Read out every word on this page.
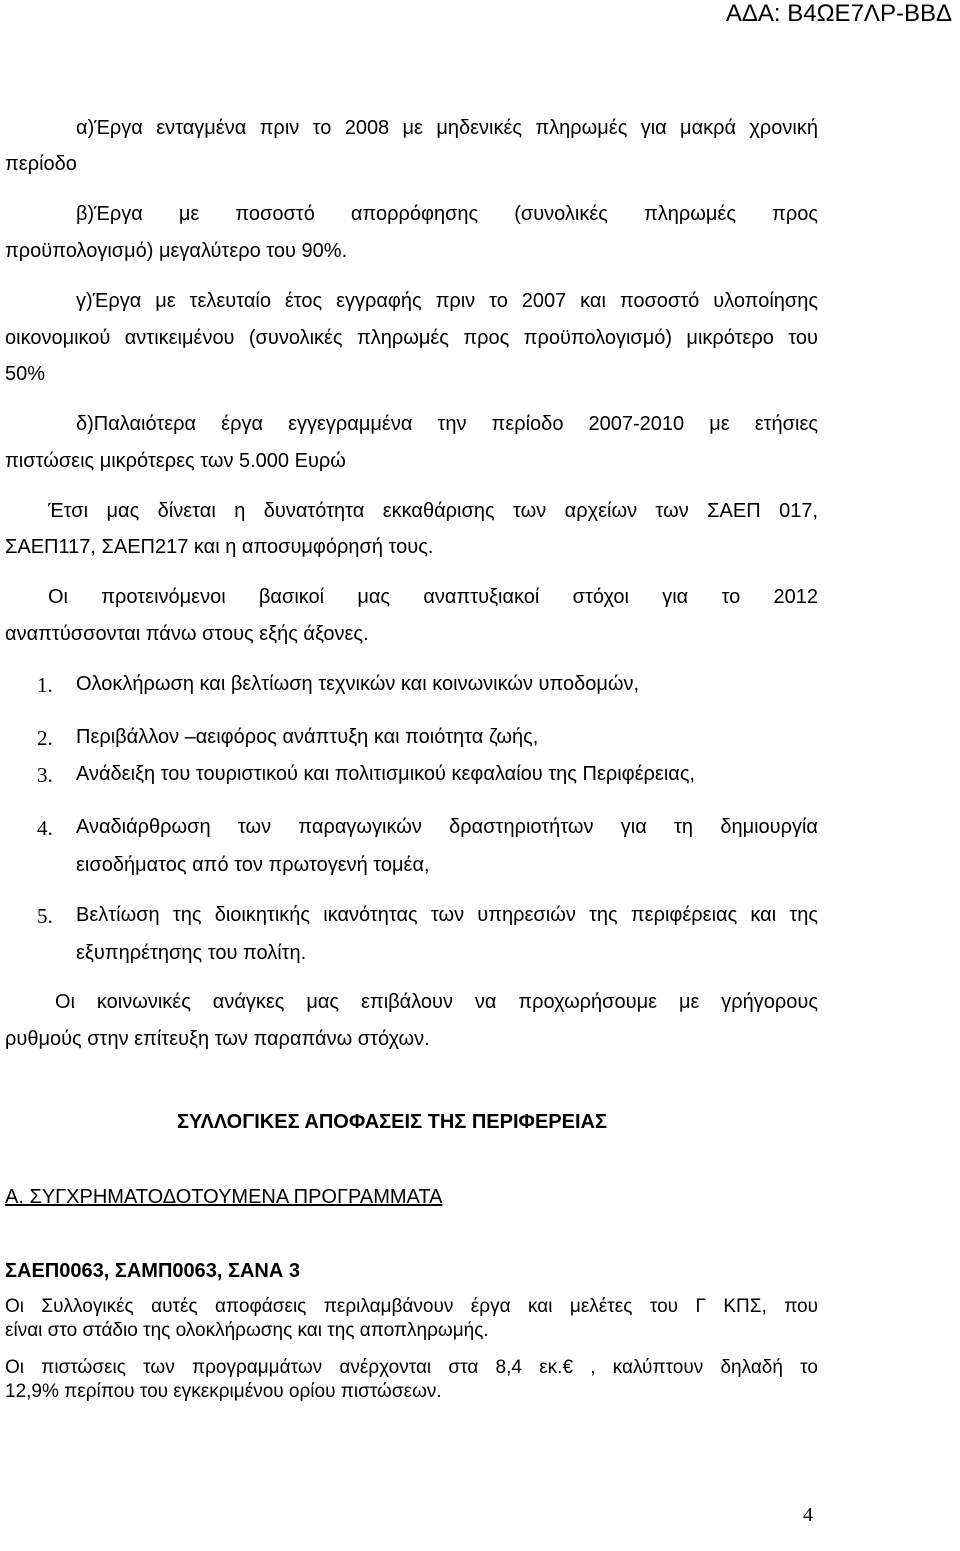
ΑΔΑ: Β4ΩΕ7ΛΡ-ΒΒΔ
α)Έργα ενταγμένα πριν το 2008 με μηδενικές πληρωμές για μακρά χρονική
περίοδο
β)Έργα με ποσοστό απορρόφησης (συνολικές πληρωμές προς
προϋπολογισμό) μεγαλύτερο του 90%.
γ)Έργα με τελευταίο έτος εγγραφής πριν το 2007 και ποσοστό υλοποίησης
οικονομικού αντικειμένου (συνολικές πληρωμές προς προϋπολογισμό) μικρότερο του
50%
δ)Παλαιότερα έργα εγγεγραμμένα την περίοδο 2007-2010 με ετήσιες
πιστώσεις μικρότερες των 5.000 Ευρώ
Έτσι μας δίνεται η δυνατότητα εκκαθάρισης των αρχείων των ΣΑΕΠ 017,
ΣΑΕΠ117, ΣΑΕΠ217 και η αποσυμφόρησή τους.
Οι προτεινόμενοι βασικοί μας αναπτυξιακοί στόχοι για το 2012
αναπτύσσονται πάνω στους εξής άξονες.
1. Ολοκλήρωση και βελτίωση τεχνικών και κοινωνικών υποδομών,
2. Περιβάλλον –αειφόρος ανάπτυξη και ποιότητα ζωής,
3. Ανάδειξη του τουριστικού και πολιτισμικού κεφαλαίου της Περιφέρειας,
4. Αναδιάρθρωση των παραγωγικών δραστηριοτήτων για τη δημιουργία
εισοδήματος από τον πρωτογενή τομέα,
5. Βελτίωση της διοικητικής ικανότητας των υπηρεσιών της περιφέρειας και της
εξυπηρέτησης του πολίτη.
Οι κοινωνικές ανάγκες μας επιβάλουν να προχωρήσουμε με γρήγορους
ρυθμούς στην επίτευξη των παραπάνω στόχων.
ΣΥΛΛΟΓΙΚΕΣ ΑΠΟΦΑΣΕΙΣ ΤΗΣ ΠΕΡΙΦΕΡΕΙΑΣ
Α. ΣΥΓΧΡΗΜΑΤΟΔΟΤΟΥΜΕΝΑ ΠΡΟΓΡΑΜΜΑΤΑ
ΣΑΕΠ0063, ΣΑΜΠ0063, ΣΑΝΑ 3
Οι Συλλογικές αυτές αποφάσεις περιλαμβάνουν έργα και μελέτες του Γ ΚΠΣ, που
είναι στο στάδιο της ολοκλήρωσης και της αποπληρωμής.
Οι πιστώσεις των προγραμμάτων ανέρχονται στα 8,4 εκ.€ , καλύπτουν δηλαδή το
12,9% περίπου του εγκεκριμένου ορίου πιστώσεων.
4
